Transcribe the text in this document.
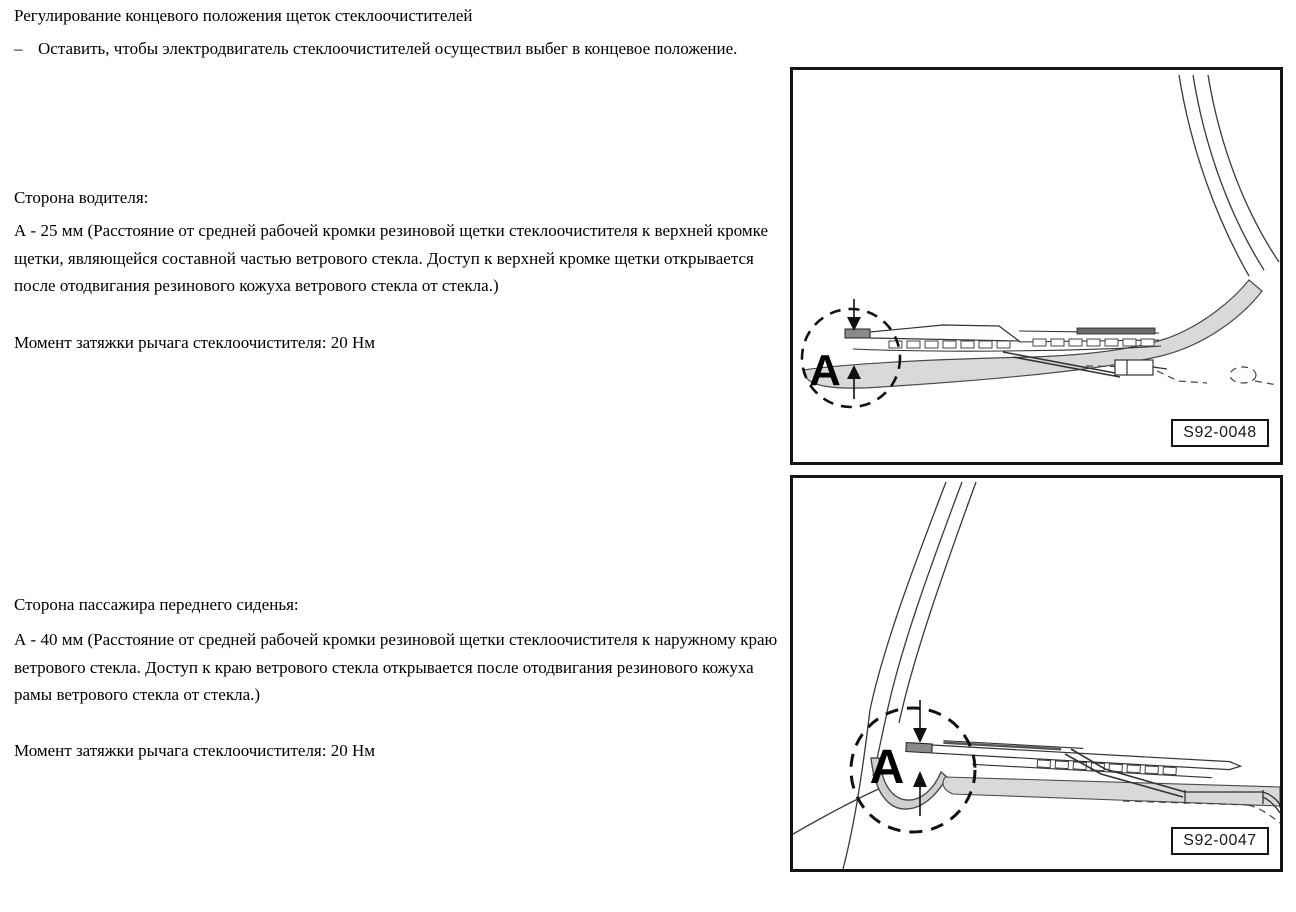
Регулирование концевого положения щеток стеклоочистителей
– Оставить, чтобы электродвигатель стеклоочистителей осуществил выбег в концевое положение.
Сторона водителя:
А - 25 мм (Расстояние от средней рабочей кромки резиновой щетки стеклоочистителя к верхней кромке щетки, являющейся составной частью ветрового стекла. Доступ к верхней кромке щетки открывается после отодвигания резинового кожуха ветрового стекла от стекла.)
Момент затяжки рычага стеклоочистителя: 20 Нм
Сторона пассажира переднего сиденья:
А - 40 мм (Расстояние от средней рабочей кромки резиновой щетки стеклоочистителя к наружному краю ветрового стекла. Доступ к краю ветрового стекла открывается после отодвигания резинового кожуха рамы ветрового стекла от стекла.)
Момент затяжки рычага стеклоочистителя: 20 Нм
A
S92-0048
A
S92-0047
